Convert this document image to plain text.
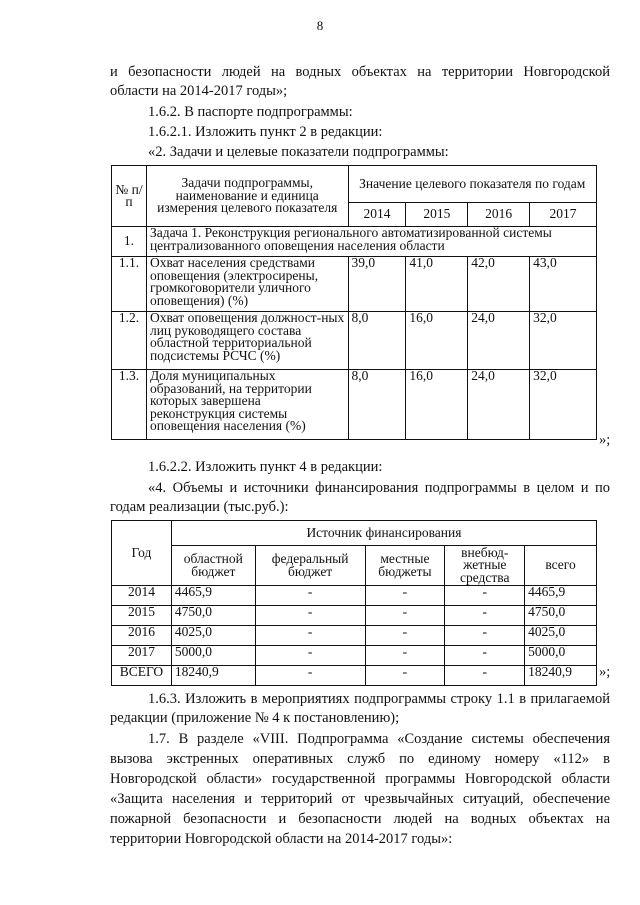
8
и безопасности людей на водных объектах на территории Новгородской
области на 2014-2017 годы»;
1.6.2. В паспорте подпрограммы:
1.6.2.1. Изложить пункт 2 в редакции:
«2. Задачи и целевые показатели подпрограммы:
№ п/п	Задачи подпрограммы, наименование и единица измерения целевого показателя	Значение целевого показателя по годам			
		2014	2015	2016	2017
1.	Задача 1. Реконструкция регионального автоматизированной системы централизованного оповещения населения области				
1.1.	Охват населения средствами оповещения (электросирены, громкоговорители уличного оповещения) (%)	39,0	41,0	42,0	43,0
1.2.	Охват оповещения должност-ных лиц руководящего состава областной территориальной подсистемы РСЧС (%)	8,0	16,0	24,0	32,0
1.3.	Доля муниципальных образований, на территории которых завершена реконструкция системы оповещения населения (%)	8,0	16,0	24,0	32,0
»;
1.6.2.2. Изложить пункт 4 в редакции:
«4. Объемы и источники финансирования подпрограммы в целом и по
годам реализации (тыс.руб.):
Год	Источник финансирования				
	областной бюджет	федеральный бюджет	местные бюджеты	внебюд-жетные средства	всего
2014	4465,9	-	-	-	4465,9
2015	4750,0	-	-	-	4750,0
2016	4025,0	-	-	-	4025,0
2017	5000,0	-	-	-	5000,0
ВСЕГО	18240,9	-	-	-	18240,9 »;
1.6.3. Изложить в мероприятиях подпрограммы строку 1.1 в прилагаемой
редакции (приложение № 4 к постановлению);
1.7. В разделе «VIII. Подпрограмма «Создание системы обеспечения
вызова экстренных оперативных служб по единому номеру «112» в
Новгородской области» государственной программы Новгородской области
«Защита населения и территорий от чрезвычайных ситуаций, обеспечение
пожарной безопасности и безопасности людей на водных объектах на
территории Новгородской области на 2014-2017 годы»:
